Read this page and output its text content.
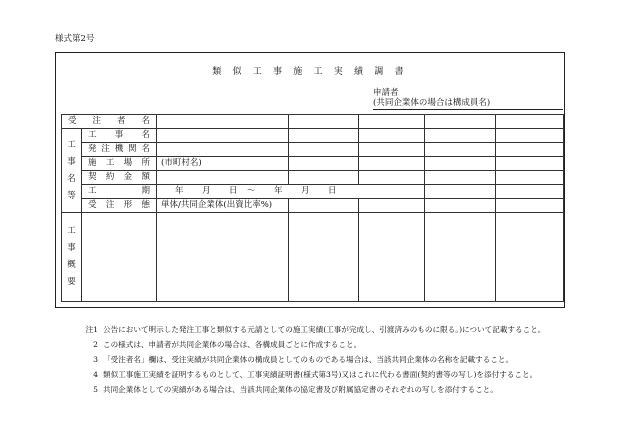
様式第2号
類 似 工 事 施 工 実 績 調 書
申請者
(共同企業体の場合は構成員名)
受　注　者　名						

工
事
名
等	工　事　名					
	発注機関名					
	施　工　場　所	(市町村名)				
	契　約　金　額					
	工　　　期	年　　月　　日　〜　　年　　月　　日				
	受　注　形　態	単体/共同企業体(出資比率%)				

工
事
概
要						

注1 公告において明示した発注工事と類似する元請としての施工実績(工事が完成し、引渡済みのものに限る。)について記載すること。
2 この様式は、申請者が共同企業体の場合は、各構成員ごとに作成すること。
3 「受注者名」欄は、受注実績が共同企業体の構成員としてのものである場合は、当該共同企業体の名称を記載すること。
4 類似工事施工実績を証明するものとして、工事実績証明書(様式第3号)又はこれに代わる書面(契約書等の写し)を添付すること。
5 共同企業体としての実績がある場合は、当該共同企業体の協定書及び附属協定書のそれぞれの写しを添付すること。
